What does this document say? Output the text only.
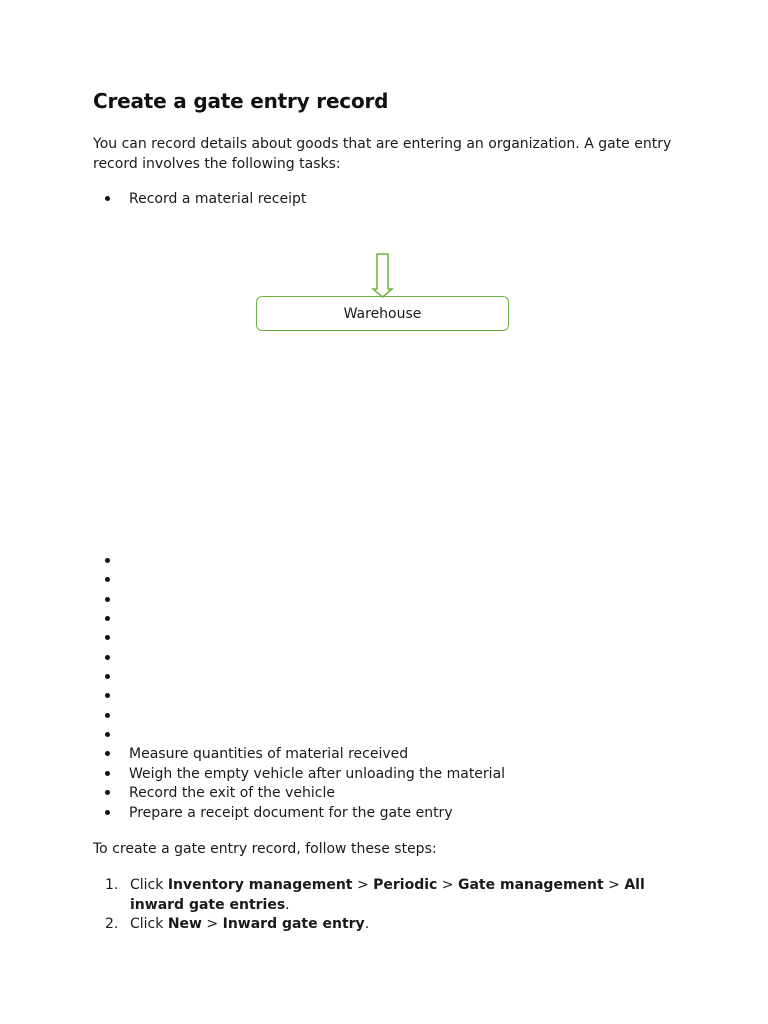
Create a gate entry record

You can record details about goods that are entering an organization. A gate entry record involves the following tasks:

Record a material receipt
Warehouse
Measure quantities of material received
Weigh the empty vehicle after unloading the material
Record the exit of the vehicle
Prepare a receipt document for the gate entry

To create a gate entry record, follow these steps:

1. Click Inventory management > Periodic > Gate management > All inward gate entries.
2. Click New > Inward gate entry.
